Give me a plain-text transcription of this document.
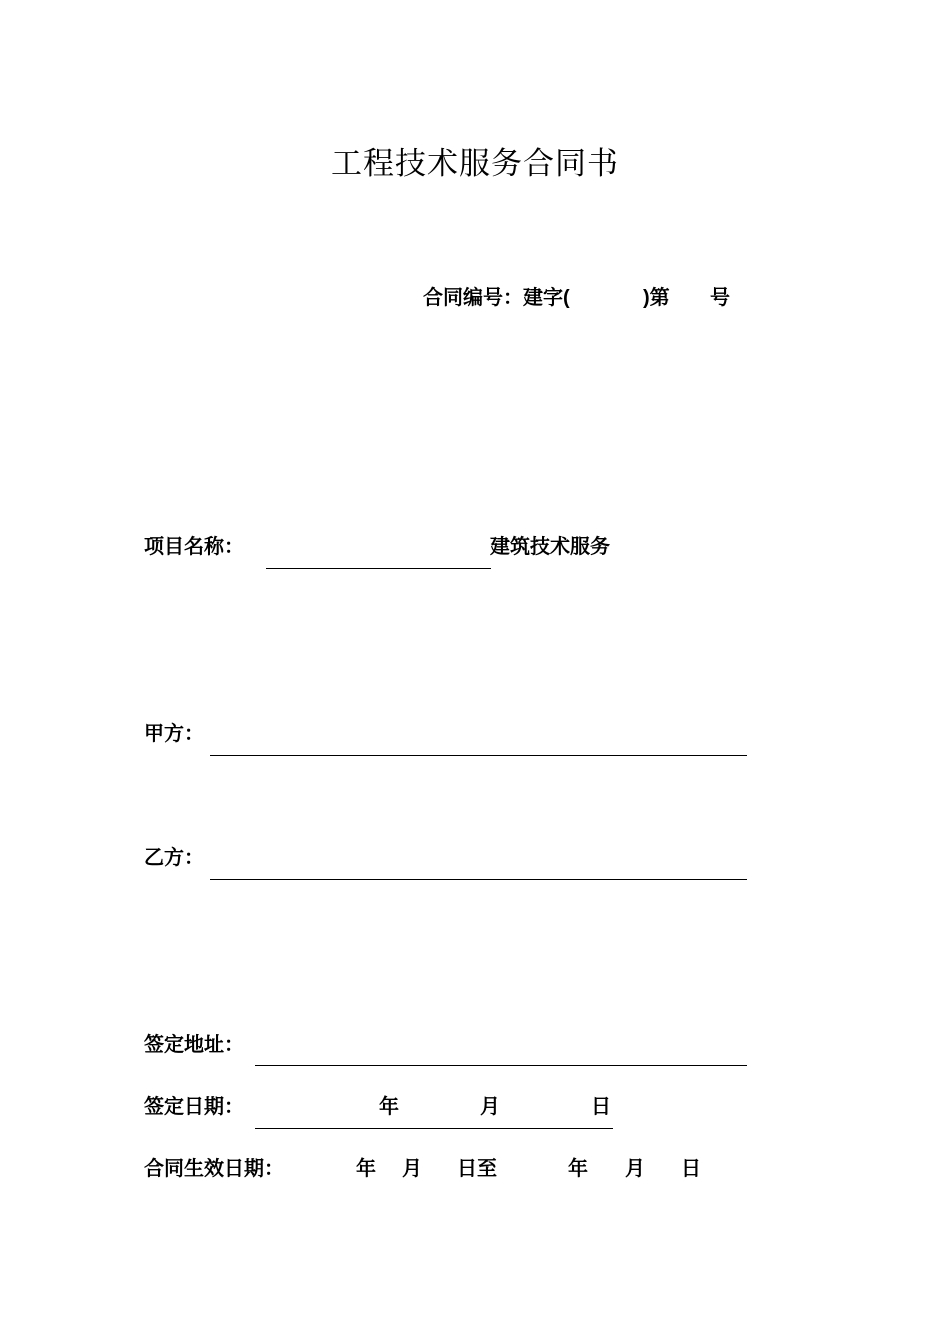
工程技术服务合同书
合同编号：建字(	)第 号
项目名称：	建筑技术服务
甲方：
乙方：
签定地址：
签定日期：	年	月	日
合同生效日期：	年 月 日至	年 月 日
